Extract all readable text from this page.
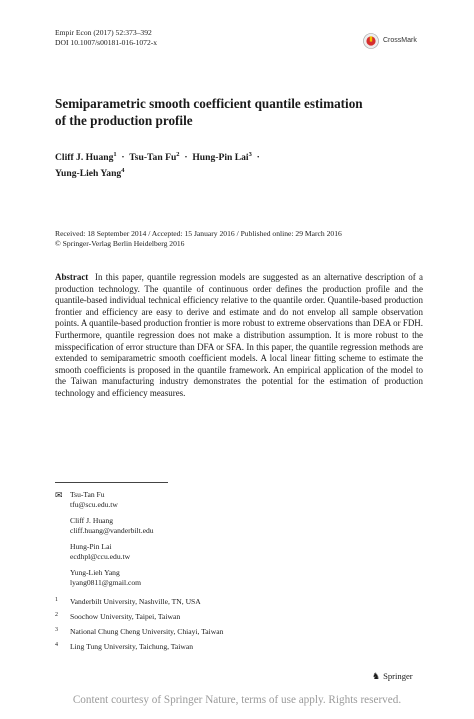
Empir Econ (2017) 52:373–392
DOI 10.1007/s00181-016-1072-x	CrossMark
Semiparametric smooth coefficient quantile estimation
of the production profile
Cliff J. Huang$^1$ · Tsu-Tan $Fu^2$ · Hung-Pin Lai$^3$ ·
Yung-Lieh Yang$^4$
Received: 18 September 2014 / Accepted: 15 January 2016 / Published online: 29 March 2016
© Springer-Verlag Berlin Heidelberg 2016
Abstract In this paper, quantile regression models are suggested as an alternative description of a production technology. The quantile of continuous order defines the production profile and the quantile-based individual technical efficiency relative to the quantile order. Quantile-based production frontier and efficiency are easy to derive and estimate and do not envelop all sample observation points. A quantile-based production frontier is more robust to extreme observations than DEA or FDH. Furthermore, quantile regression does not make a distribution assumption. It is more robust to the misspecification of error structure than DFA or SFA. In this paper, the quantile regression methods are extended to semiparametric smooth coefficient models. A local linear fitting scheme to estimate the smooth coefficients is proposed in the quantile framework. An empirical application of the model to the Taiwan manufacturing industry demonstrates the potential for the estimation of production technology and efficiency measures.
✉ Tsu-Tan Fu
tfu@scu.edu.tw
Cliff J. Huang
cliff.huang@vanderbilt.edu
Hung-Pin Lai
ecdhpl@ccu.edu.tw
Yung-Lieh Yang
lyang0811@gmail.com
1 Vanderbilt University, Nashville, TN, USA
2 Soochow University, Taipei, Taiwan
3 National Chung Cheng University, Chiayi, Taiwan
4 Ling Tung University, Taichung, Taiwan
♞ Springer
Content courtesy of Springer Nature, terms of use apply. Rights reserved.
